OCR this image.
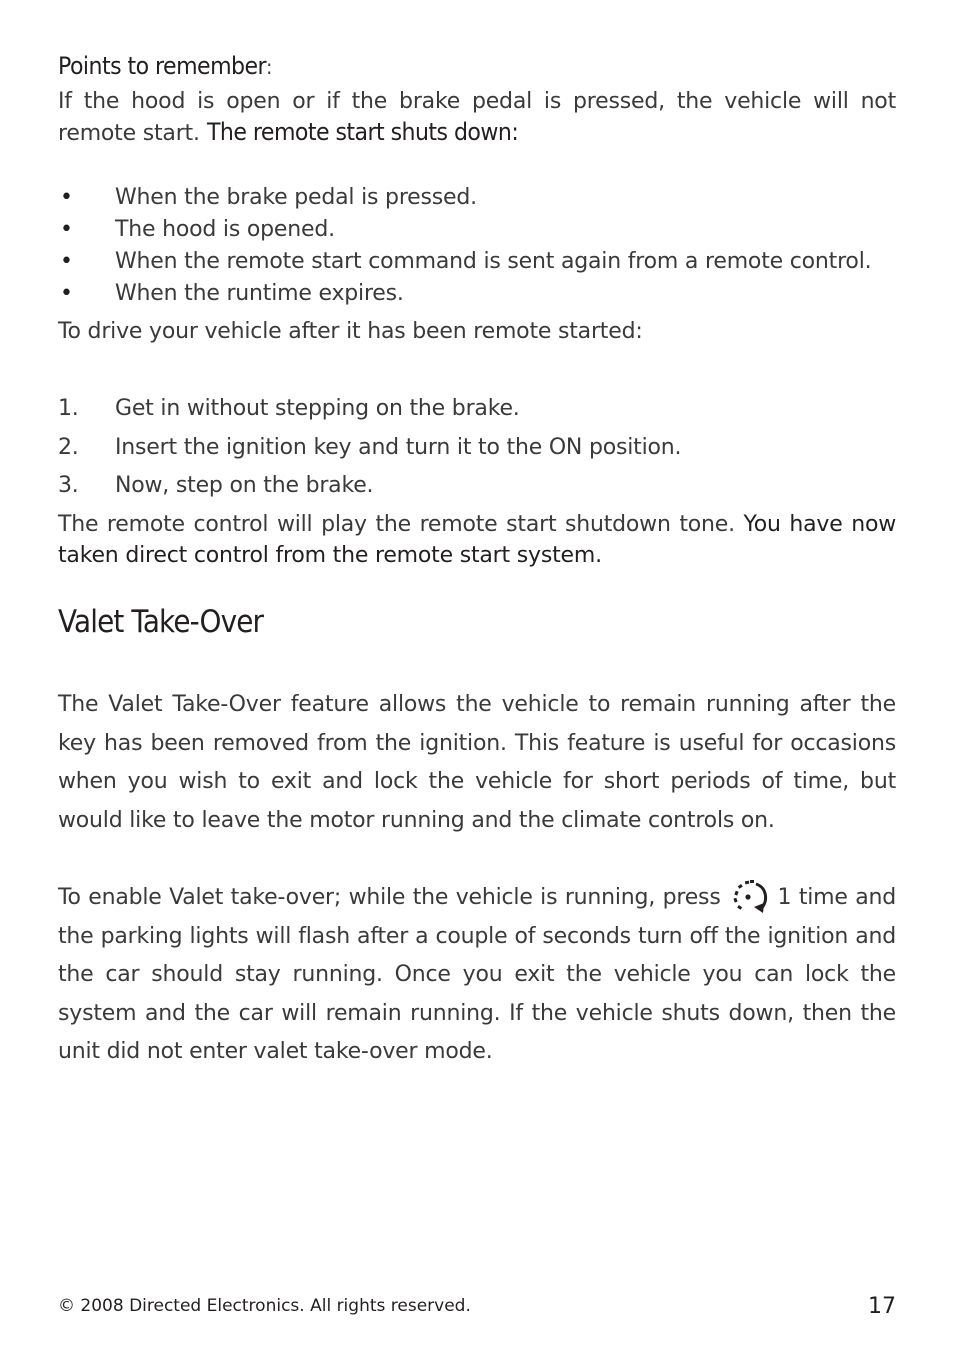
Points to remember:
If the hood is open or if the brake pedal is pressed, the vehicle will not remote start. The remote start shuts down:
• When the brake pedal is pressed.
• The hood is opened.
• When the remote start command is sent again from a remote control.
• When the runtime expires.
To drive your vehicle after it has been remote started:
1. Get in without stepping on the brake.
2. Insert the ignition key and turn it to the ON position.
3. Now, step on the brake.
The remote control will play the remote start shutdown tone. You have now taken direct control from the remote start system.
Valet Take-Over
The Valet Take-Over feature allows the vehicle to remain running after the key has been removed from the ignition. This feature is useful for occasions when you wish to exit and lock the vehicle for short periods of time, but would like to leave the motor running and the climate controls on.
To enable Valet take-over; while the vehicle is running, press	1 time and the parking lights will flash after a couple of seconds turn off the ignition and the car should stay running. Once you exit the vehicle you can lock the system and the car will remain running. If the vehicle shuts down, then the unit did not enter valet take-over mode.
© 2008 Directed Electronics. All rights reserved.	17
